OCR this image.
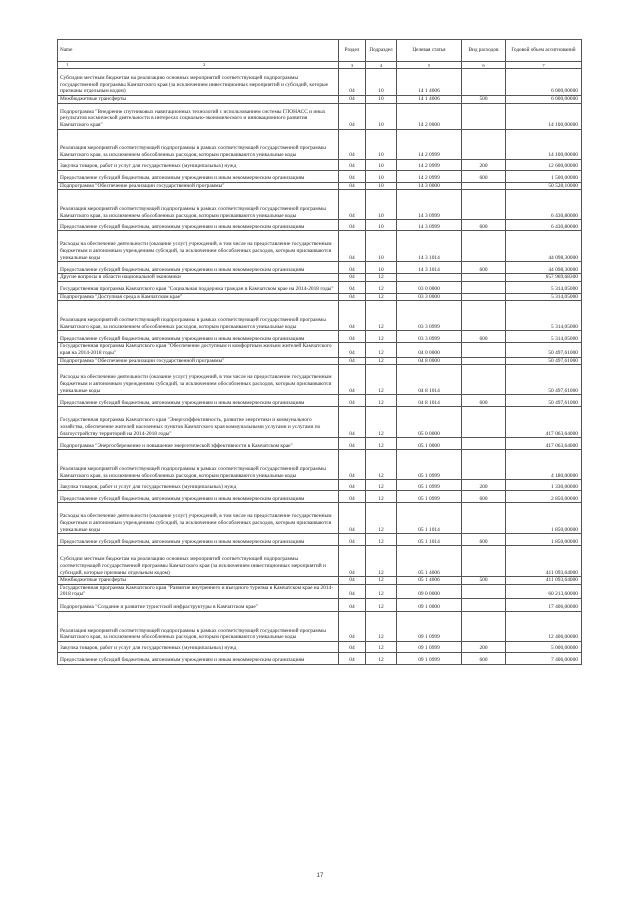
Name	Раздел	Подраздел	Целевая статья	Вид расходов	Годовой объем ассигнований

1 2	3	4	5	6	7
Субсидии местным бюджетам на реализацию основных мероприятий соответствующей подпрограммы государственной программы Камчатского края (за исключением инвестиционных мероприятий и субсидий, которые признаны отдельным кодом)	04	10	14 1 4006		6 000,00000
Межбюджетные трансферты	04	10	14 1 4006	500	6 000,00000
Подпрограмма "Внедрение спутниковых навигационных технологий с использованием системы ГЛОНАСС и иных результатов космической деятельности в интересах социально-экономического и инновационного развития Камчатского края"	04	10	14 2 0000		14 100,00000
Реализация мероприятий соответствующей подпрограммы в рамках соответствующей государственной программы Камчатского края, за исключением обособленных расходов, которым присваиваются уникальные коды	04	10	14 2 0999		14 100,00000
Закупка товаров, работ и услуг для государственных (муниципальных) нужд	04	10	14 2 0999	200	12 600,00000
Предоставление субсидий бюджетным, автономным учреждениям и иным некоммерческим организациям	04	10	14 2 0999	600	1 500,00000
Подпрограмма "Обеспечение реализации государственной программы"	04	10	14 3 0000		50 528,10000
Реализация мероприятий соответствующей подпрограммы в рамках соответствующей государственной программы Камчатского края, за исключением обособленных расходов, которым присваиваются уникальные коды	04	10	14 3 0999		6 430,80000
Предоставление субсидий бюджетным, автономным учреждениям и иным некоммерческим организациям	04	10	14 3 0999	600	6 430,80000
Расходы на обеспечение деятельности (оказание услуг) учреждений, в том числе на предоставление государственным бюджетным и автономным учреждениям субсидий, за исключением обособленных расходов, которым присваиваются уникальные коды	04	10	14 3 1014		44 098,30000
Предоставление субсидий бюджетным, автономным учреждениям и иным некоммерческим организациям	04	10	14 3 1014	600	44 098,30000
Другие вопросы в области национальной экономики	04	12			657 969,68300
Государственная программа Камчатского края "Социальная поддержка граждан в Камчатском крае на 2014-2018 годы"	04	12	03 0 0000		5 314,05000
Подпрограмма "Доступная среда в Камчатском крае"	04	12	03 3 0000		5 314,05000
Реализация мероприятий соответствующей подпрограммы в рамках соответствующей государственной программы Камчатского края, за исключением обособленных расходов, которым присваиваются уникальные коды	04	12	03 3 0999		5 314,05000
Предоставление субсидий бюджетным, автономным учреждениям и иным некоммерческим организациям	04	12	03 3 0999	600	5 314,05000
Государственная программа Камчатского края "Обеспечение доступным и комфортным жильем жителей Камчатского края на 2014-2018 годы"	04	12	04 0 0000		50 497,61000
Подпрограмма "Обеспечение реализации государственной программы"	04	12	04 8 0000		50 497,61000
Расходы на обеспечение деятельности (оказание услуг) учреждений, в том числе на предоставление государственным бюджетным и автономным учреждениям субсидий, за исключением обособленных расходов, которым присваиваются уникальные коды	04	12	04 8 1014		50 497,61000
Предоставление субсидий бюджетным, автономным учреждениям и иным некоммерческим организациям	04	12	04 8 1014	600	50 497,61000
Государственная программа Камчатского края "Энергоэффективность, развитие энергетики и коммунального хозяйства, обеспечение жителей населенных пунктов Камчатского края коммунальными услугами и услугами по благоустройству территорий на 2014-2018 годы"	04	12	05 0 0000		417 063,64000
Подпрограмма "Энергосбережение и повышение энергетической эффективности в Камчатском крае"	04	12	05 1 0000		417 063,64000
Реализация мероприятий соответствующей подпрограммы в рамках соответствующей государственной программы Камчатского края, за исключением обособленных расходов, которым присваиваются уникальные коды	04	12	05 1 0999		4 180,00000
Закупка товаров, работ и услуг для государственных (муниципальных) нужд	04	12	05 1 0999	200	1 330,00000
Предоставление субсидий бюджетным, автономным учреждениям и иным некоммерческим организациям	04	12	05 1 0999	600	2 850,00000
Расходы на обеспечение деятельности (оказание услуг) учреждений, в том числе на предоставление государственным бюджетным и автономным учреждениям субсидий, за исключением обособленных расходов, которым присваиваются уникальные коды	04	12	05 1 1014		1 850,00000
Предоставление субсидий бюджетным, автономным учреждениям и иным некоммерческим организациям	04	12	05 1 1014	600	1 850,00000
Субсидии местным бюджетам на реализацию основных мероприятий соответствующей подпрограммы соответствующей государственной программы Камчатского края (за исключением инвестиционных мероприятий и субсидий, которые признаны отдельным кодом)	04	12	05 1 4006		411 093,64000
Межбюджетные трансферты	04	12	05 1 4006	500	411 093,64000
Государственная программа Камчатского края "Развитие внутреннего и въездного туризма в Камчатском крае на 2014-2018 годы"	04	12	09 0 0000		60 213,60000
Подпрограмма "Создание и развитие туристской инфраструктуры в Камчатском крае"	04	12	09 1 0000		17 406,00000
Реализация мероприятий соответствующей подпрограммы в рамках соответствующей государственной программы Камчатского края, за исключением обособленных расходов, которым присваиваются уникальные коды	04	12	09 1 0999		12 406,00000
Закупка товаров, работ и услуг для государственных (муниципальных) нужд	04	12	09 1 0999	200	5 000,00000
Предоставление субсидий бюджетным, автономным учреждениям и иным некоммерческим организациям	04	12	09 1 0999	600	7 406,00000
17
